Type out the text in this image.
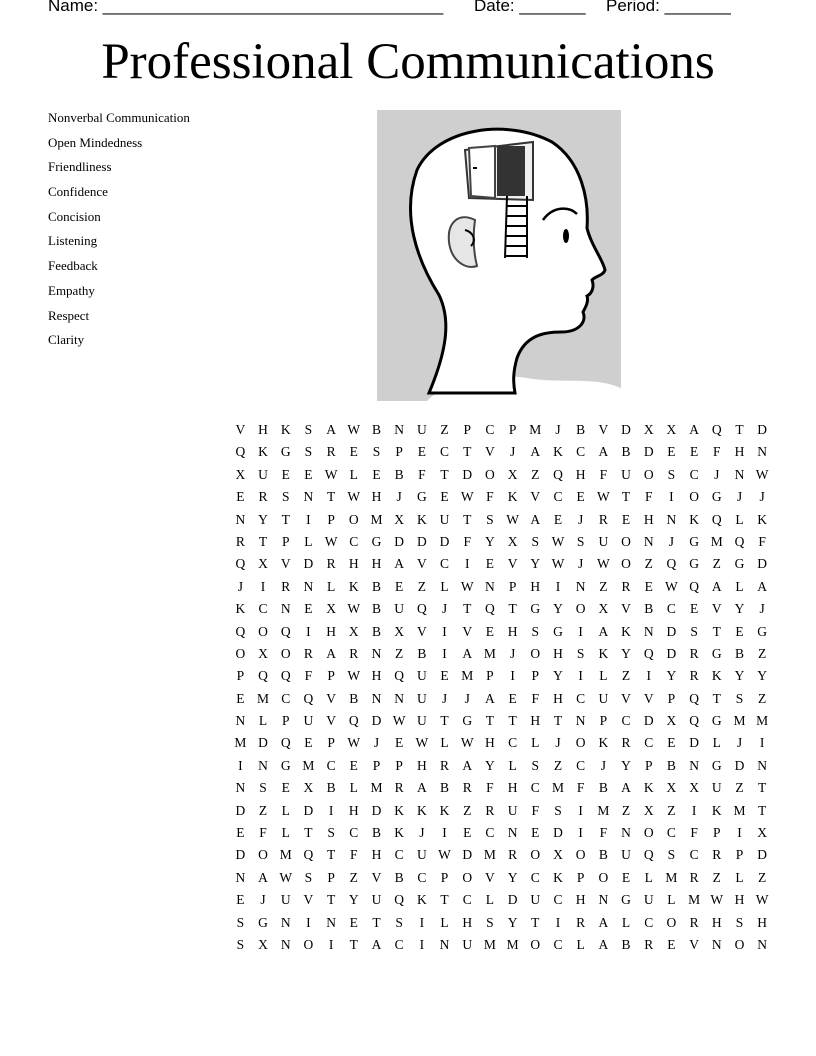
Name: ____________________________________ Date: _______ Period: _______
Professional Communications
Nonverbal Communication
Open Mindedness
Friendliness
Confidence
Concision
Listening
Feedback
Empathy
Respect
Clarity
V H K	S	A W B N U	Z	P	C	P M	J	B V D X X A Q	T	D
Q K G	S	R	E	S	P	E	C	T	V	J	A K C A B D	E	E	F	H N
X U	E	E W L	E	B	F	T	D O X	Z	Q H	F	U O	S	C	J	N W
E	R	S	N	T W H	J	G	E W F	K V C	E W T	F	I	O G	J	J
N Y	T	I	P	O M X K U	T	S W A	E	J	R	E	H N K Q	L	K
R	T	P	L W C G D D D	F	Y X	S W S	U O N	J	G M Q	F
Q X V D R H H A V C	I	E	V Y W	J	W O	Z	Q G	Z	G D
J	I	R N	L	K B	E	Z	L W N	P	H	I	N	Z	R	E W Q A	L	A
K C N	E	X W B U Q	J	T	Q	T	G Y O X V B	C	E	V Y	J
Q O Q	I	H X B X V	I	V	E	H	S	G	I	A K N D	S	T	E	G
O X O R A R N	Z	B	I	A M	J	O H	S	K Y Q D R G B	Z
P	Q Q	F	P W H Q U	E M P	I	P	Y	I	L	Z	I	Y R K Y Y
E M C Q V B N N U	J	J	A	E	F	H C U V V	P	Q	T	S	Z
N	L	P	U V Q D W U	T	G	T	T	H	T	N	P	C D X Q G M M
M D Q	E	P W	J	E W L W H C	L	J	O K R	C	E	D	L	J	I
I	N G M C	E	P	P	H R A Y	L	S	Z	C	J	Y	P	B N G D N
N	S	E	X B	L M R A B	R	F	H C M F	B A K X X U	Z	T
D	Z	L	D	I	H D K K K	Z	R U	F	S	I	M Z	X	Z	I	K M T
E	F	L	T	S	C	B K	J	I	E	C N	E	D	I	F	N O C	F	P	I	X
D O M Q	T	F	H C U W D M R O X O B U Q	S	C	R	P	D
N A W S	P	Z	V B	C	P	O V Y C K	P	O	E	L M R	Z	L	Z
E	J	U V	T	Y U Q K	T	C	L	D U C H N G U	L M W H W
S	G N	I	N	E	T	S	I	L	H	S	Y	T	I	R A	L	C O R H	S	H
S	X N O	I	T	A C	I	N U M M O C	L	A B	R	E	V N O N
